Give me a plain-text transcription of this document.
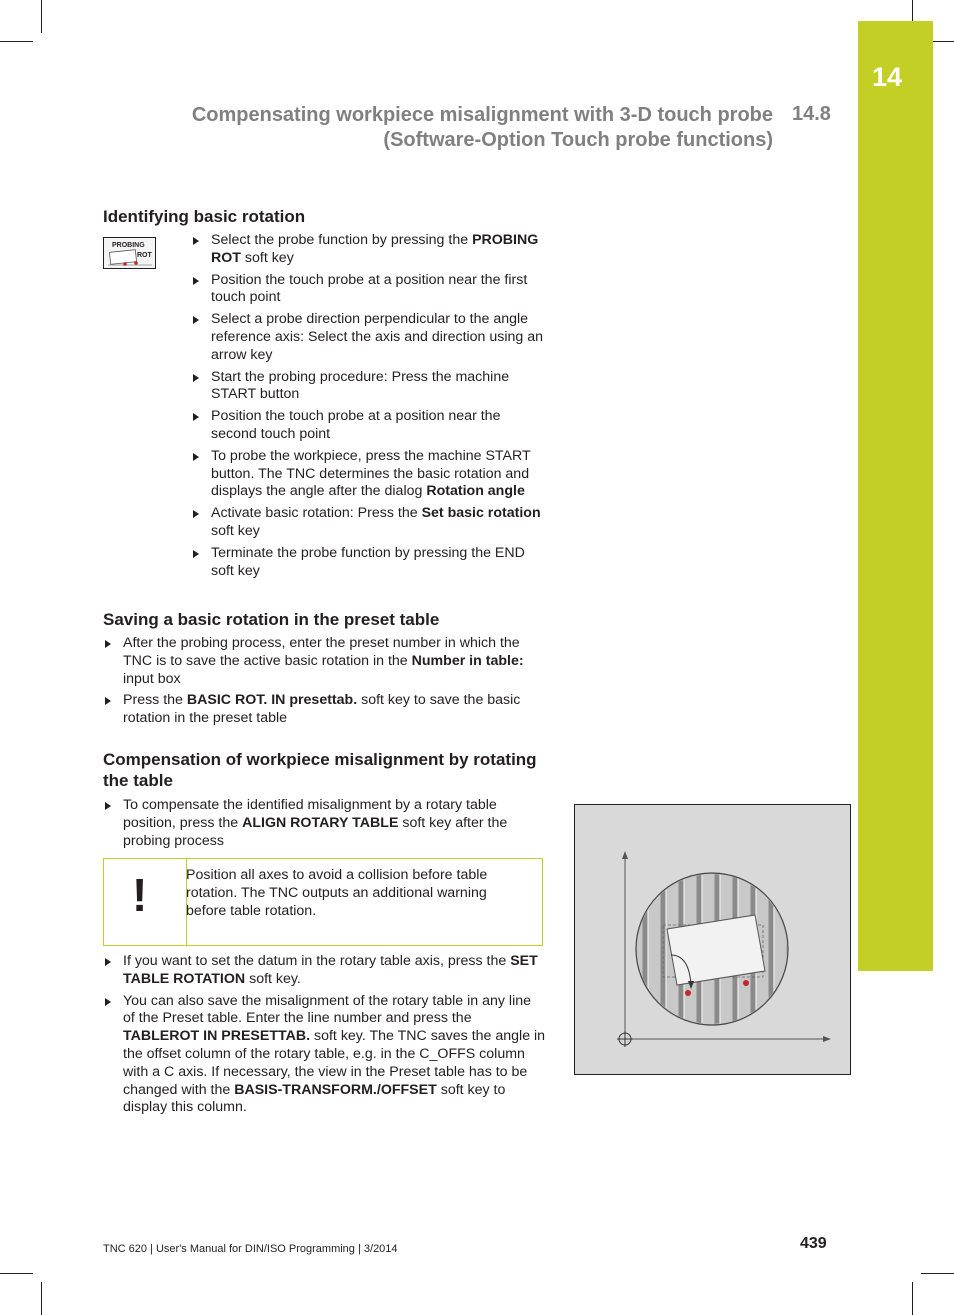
14
Compensating workpiece misalignment with 3-D touch probe
(Software-Option Touch probe functions)
14.8
Identifying basic rotation
PROBING
ROT
Select the probe function by pressing the PROBING ROT soft key
Position the touch probe at a position near the first touch point
Select a probe direction perpendicular to the angle reference axis: Select the axis and direction using an arrow key
Start the probing procedure: Press the machine START button
Position the touch probe at a position near the second touch point
To probe the workpiece, press the machine START button. The TNC determines the basic rotation and displays the angle after the dialog Rotation angle
Activate basic rotation: Press the Set basic rotation soft key
Terminate the probe function by pressing the END soft key
Saving a basic rotation in the preset table
After the probing process, enter the preset number in which the TNC is to save the active basic rotation in the Number in table: input box
Press the BASIC ROT. IN presettab. soft key to save the basic rotation in the preset table
Compensation of workpiece misalignment by rotating the table
To compensate the identified misalignment by a rotary table position, press the ALIGN ROTARY TABLE soft key after the probing process
!	Position all axes to avoid a collision before table rotation. The TNC outputs an additional warning before table rotation.
If you want to set the datum in the rotary table axis, press the SET TABLE ROTATION soft key.
You can also save the misalignment of the rotary table in any line of the Preset table. Enter the line number and press the TABLEROT IN PRESETTAB. soft key. The TNC saves the angle in the offset column of the rotary table, e.g. in the C_OFFS column with a C axis. If necessary, the view in the Preset table has to be changed with the BASIS-TRANSFORM./OFFSET soft key to display this column.
TNC 620 | User's Manual for DIN/ISO Programming | 3/2014	439
